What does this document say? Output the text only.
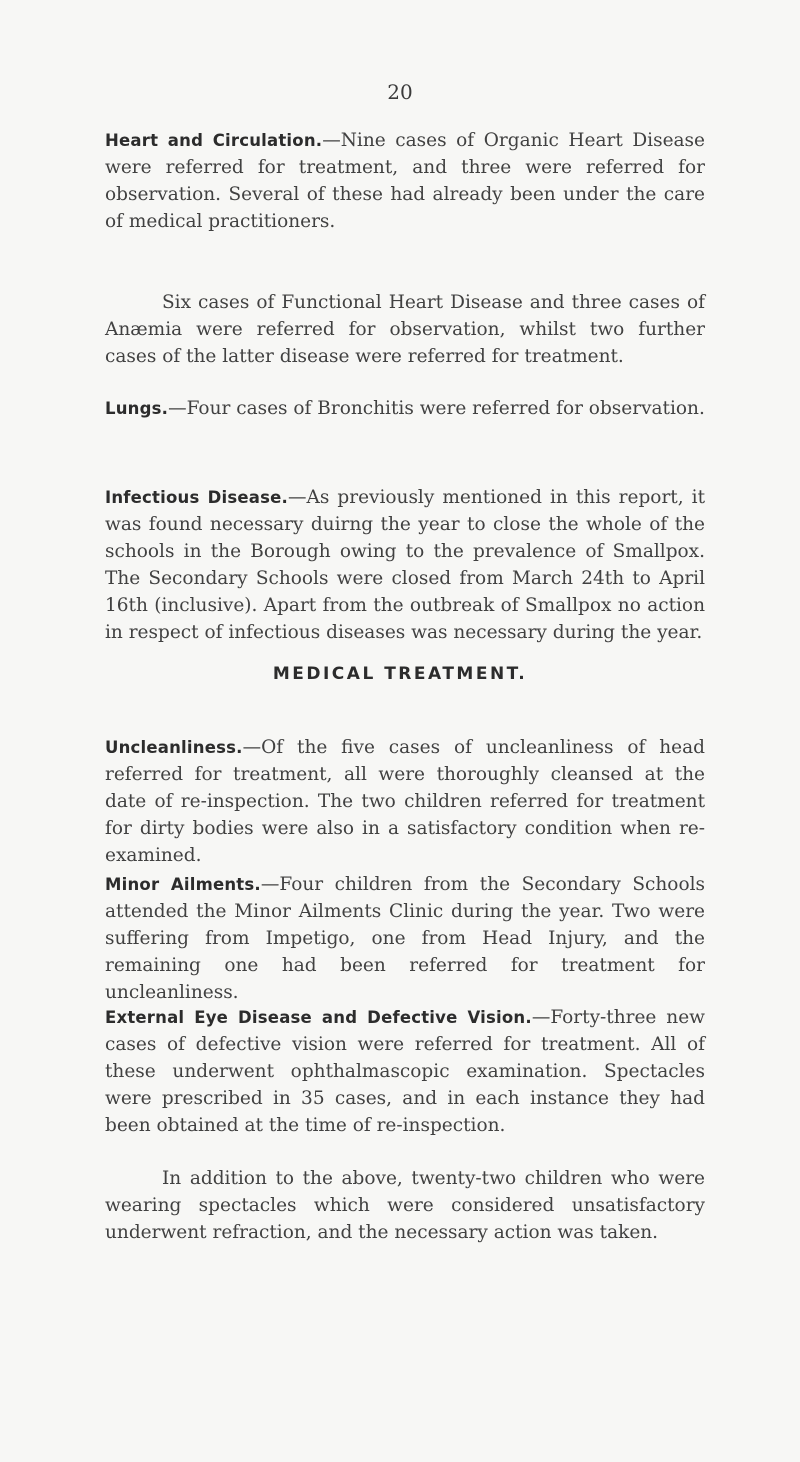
20

Heart and Circulation.—Nine cases of Organic Heart Disease were referred for treatment, and three were referred for observation. Several of these had already been under the care of medical practitioners.

Six cases of Functional Heart Disease and three cases of Anæmia were referred for observation, whilst two further cases of the latter disease were referred for treatment.

Lungs.—Four cases of Bronchitis were referred for observation.

Infectious Disease.—As previously mentioned in this report, it was found necessary duirng the year to close the whole of the schools in the Borough owing to the prevalence of Smallpox. The Secondary Schools were closed from March 24th to April 16th (inclusive). Apart from the outbreak of Smallpox no action in respect of infectious diseases was necessary during the year.

MEDICAL TREATMENT.

Uncleanliness.—Of the five cases of uncleanliness of head referred for treatment, all were thoroughly cleansed at the date of re-inspection. The two children referred for treatment for dirty bodies were also in a satisfactory condition when re-examined.

Minor Ailments.—Four children from the Secondary Schools attended the Minor Ailments Clinic during the year. Two were suffering from Impetigo, one from Head Injury, and the remaining one had been referred for treatment for uncleanliness.

External Eye Disease and Defective Vision.—Forty-three new cases of defective vision were referred for treatment. All of these underwent ophthalmascopic examination. Spectacles were prescribed in 35 cases, and in each instance they had been obtained at the time of re-inspection.

In addition to the above, twenty-two children who were wearing spectacles which were considered unsatisfactory underwent refraction, and the necessary action was taken.
